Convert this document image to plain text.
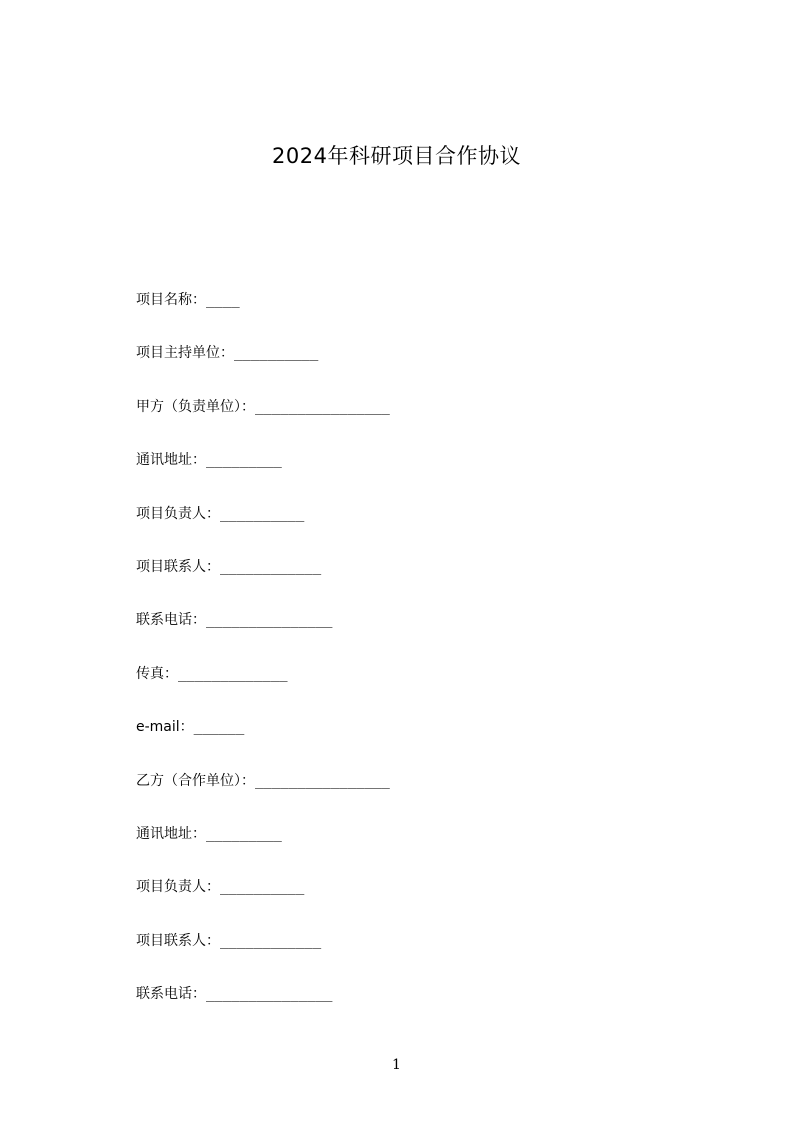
2024年科研项目合作协议
项目名称： ____
项目主持单位： __________
甲方（负责单位）： ________________
通讯地址： _________
项目负责人： __________
项目联系人： ____________
联系电话： _______________
传真： _____________
e-mail： ______
乙方（合作单位）： ________________
通讯地址： _________
项目负责人： __________
项目联系人： ____________
联系电话： _______________
1
